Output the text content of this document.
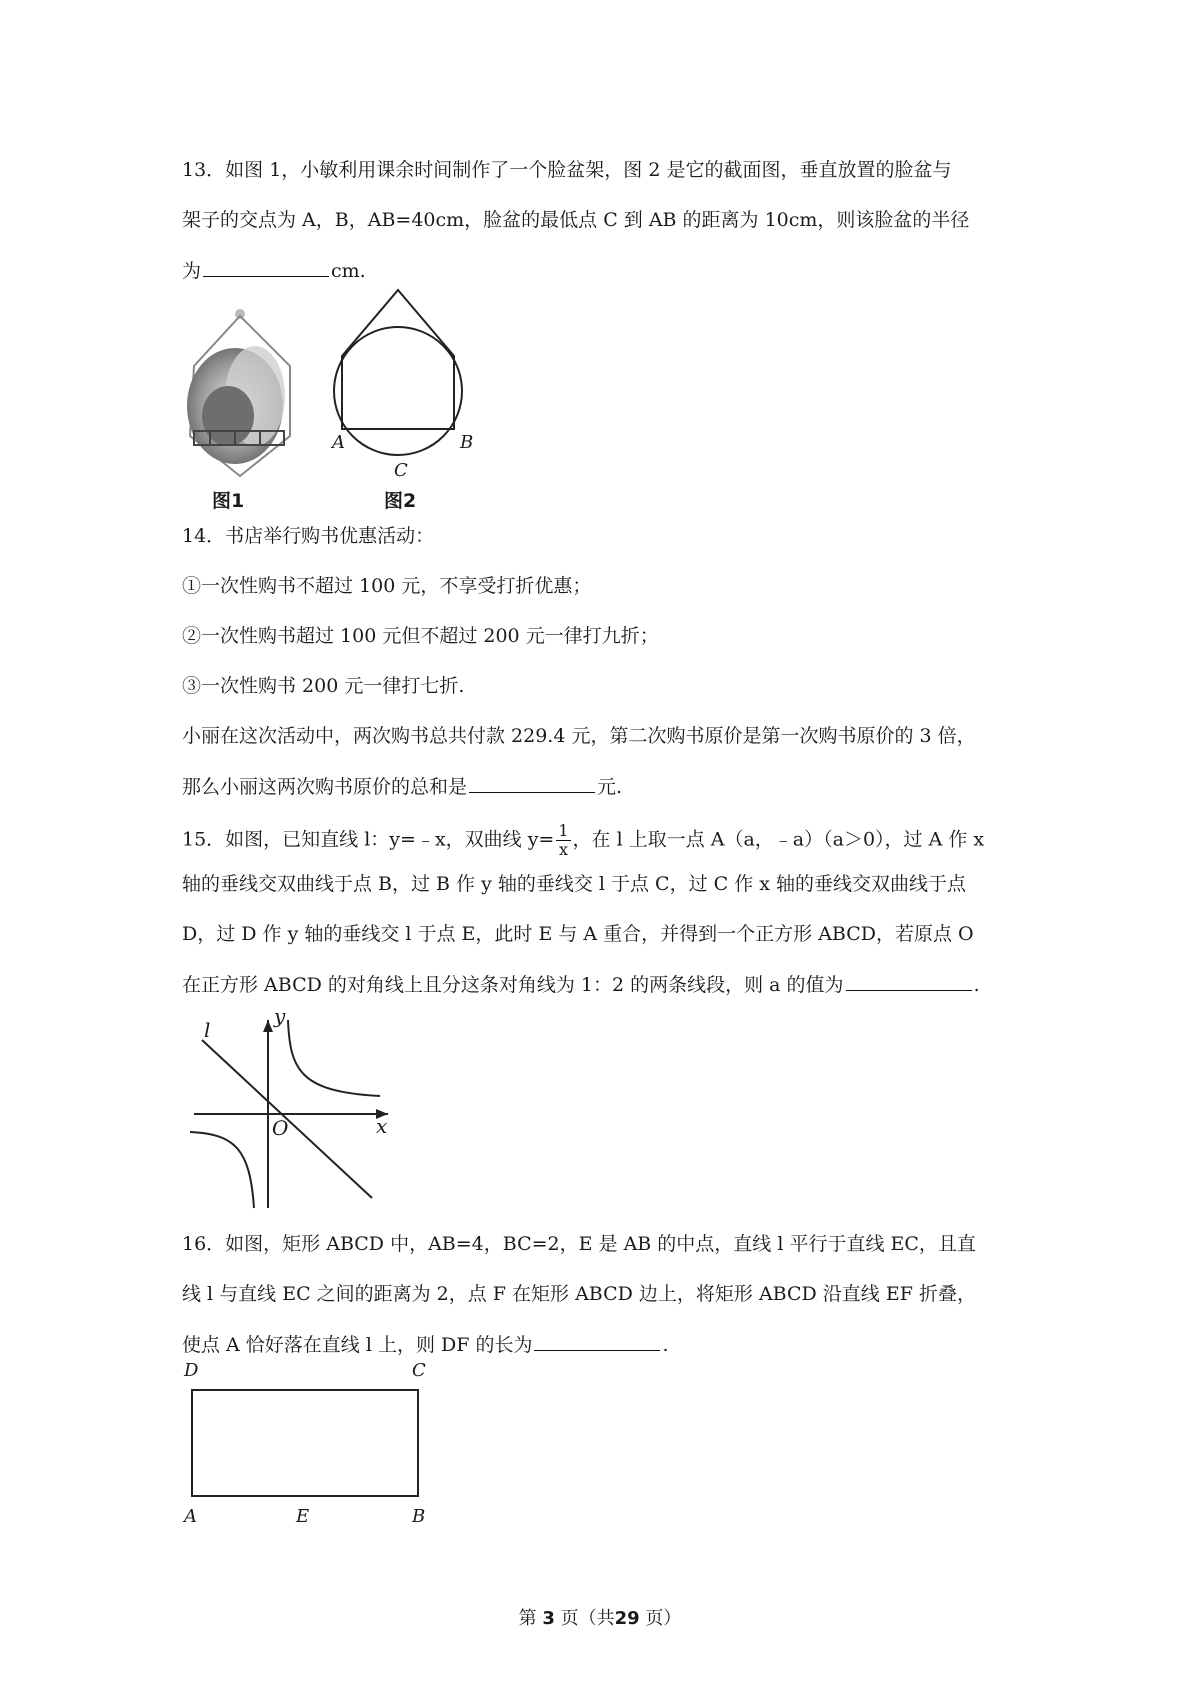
13．如图 1，小敏利用课余时间制作了一个脸盆架，图 2 是它的截面图，垂直放置的脸盆与
架子的交点为 A，B，AB=40cm，脸盆的最低点 C 到 AB 的距离为 10cm，则该脸盆的半径
为	cm.
图1
A	B
C
图2
14．书店举行购书优惠活动：
①一次性购书不超过 100 元，不享受打折优惠；
②一次性购书超过 100 元但不超过 200 元一律打九折；
③一次性购书 200 元一律打七折.
小丽在这次活动中，两次购书总共付款 229.4 元，第二次购书原价是第一次购书原价的 3 倍，
那么小丽这两次购书原价的总和是	元.
15．如图，已知直线 l：y=﹣x，双曲线 $y= \frac{1}{x}$ ，在 l 上取一点 A（a，﹣a）（a＞0），过 A 作 x
轴的垂线交双曲线于点 B，过 B 作 y 轴的垂线交 l 于点 C，过 C 作 x 轴的垂线交双曲线于点
D，过 D 作 y 轴的垂线交 l 于点 E，此时 E 与 A 重合，并得到一个正方形 ABCD，若原点 O
在正方形 ABCD 的对角线上且分这条对角线为 1：2 的两条线段，则 a 的值为	.
l
y
x
O
16．如图，矩形 ABCD 中，AB=4，BC=2，E 是 AB 的中点，直线 l 平行于直线 EC，且直
线 l 与直线 EC 之间的距离为 2，点 F 在矩形 ABCD 边上，将矩形 ABCD 沿直线 EF 折叠，
使点 A 恰好落在直线 l 上，则 DF 的长为	.
D	C
A	E	B
第 3 页（共29 页）
